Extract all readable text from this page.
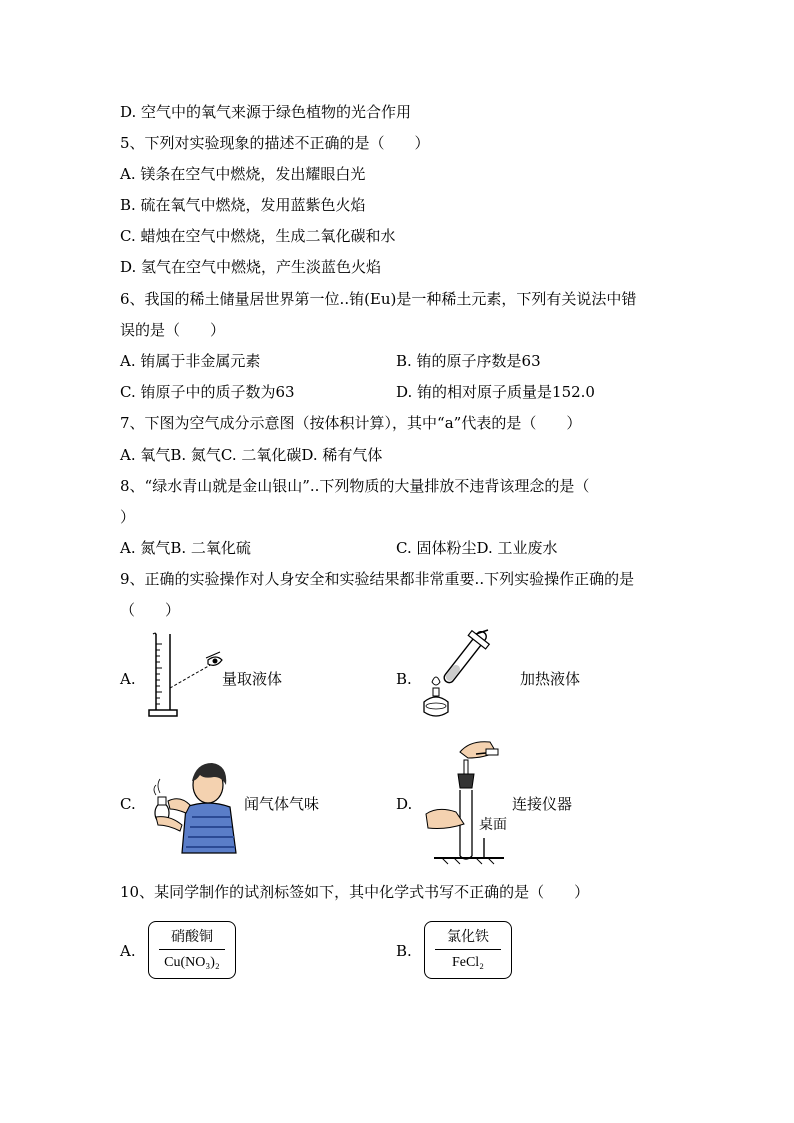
D. 空气中的氧气来源于绿色植物的光合作用
5、下列对实验现象的描述不正确的是（　　）
A. 镁条在空气中燃烧，发出耀眼白光
B. 硫在氧气中燃烧，发用蓝紫色火焰
C. 蜡烛在空气中燃烧，生成二氧化碳和水
D. 氢气在空气中燃烧，产生淡蓝色火焰
6、我国的稀土储量居世界第一位..铕(Eu)是一种稀土元素，下列有关说法中错
误的是（　　）
A. 铕属于非金属元素	B. 铕的原子序数是63
C. 铕原子中的质子数为63	D. 铕的相对原子质量是152.0
7、下图为空气成分示意图（按体积计算），其中“a”代表的是（　　）
A. 氧气B. 氮气C. 二氧化碳D. 稀有气体
8、“绿水青山就是金山银山”..下列物质的大量排放不违背该理念的是（
）
A. 氮气B. 二氧化硫	C. 固体粉尘D. 工业废水
9、正确的实验操作对人身安全和实验结果都非常重要..下列实验操作正确的是
（　　）
A.	量取液体	B.	加热液体
C.	闻气体气味	D.
桌面
连接仪器
10、某同学制作的试剂标签如下，其中化学式书写不正确的是（　　）
A.
硝酸铜
Cu(NO₃)₂
B.
氯化铁
FeCl₂
